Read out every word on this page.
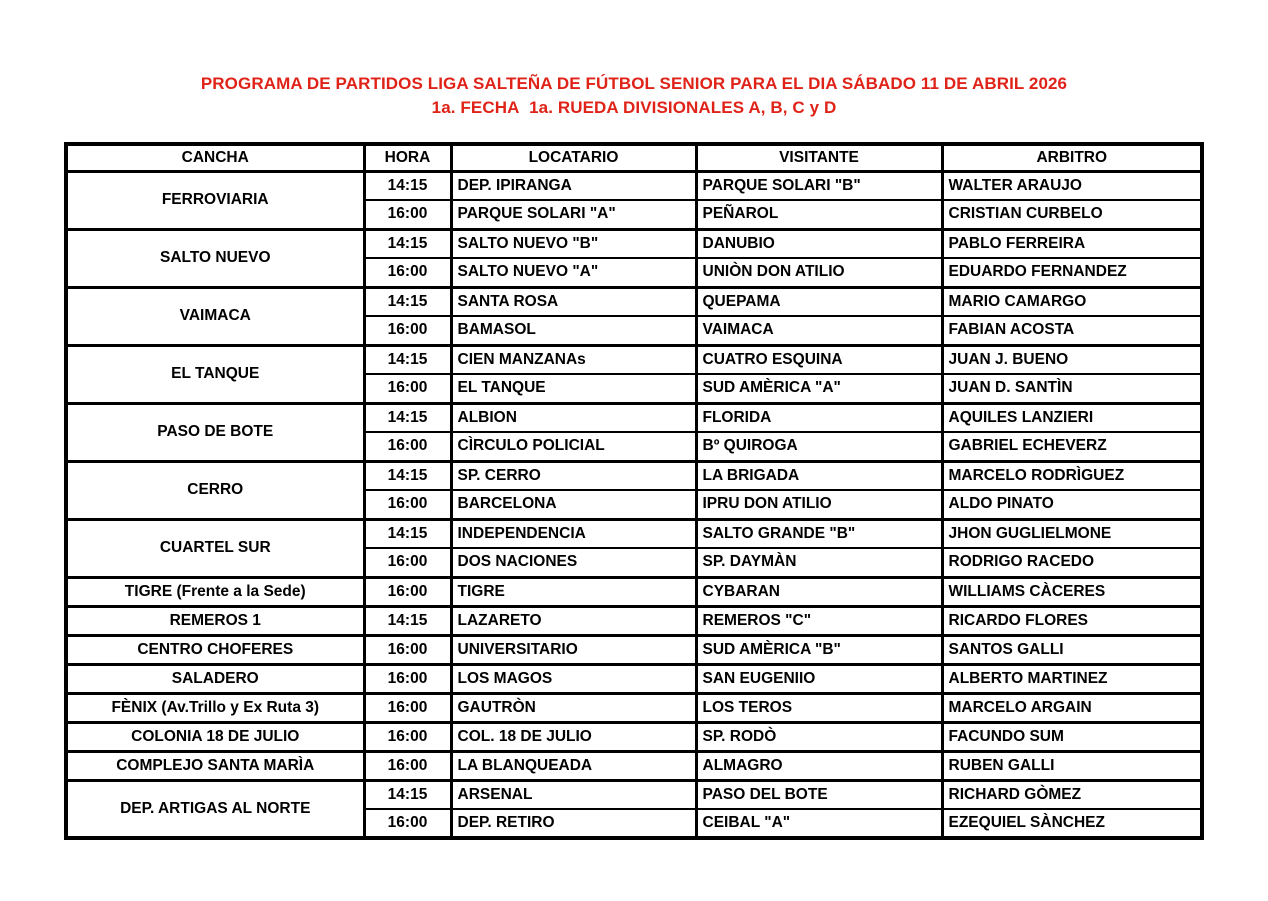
PROGRAMA DE PARTIDOS LIGA SALTEÑA DE FÚTBOL SENIOR PARA EL DIA SÁBADO 11 DE ABRIL 2026
1a. FECHA  1a. RUEDA DIVISIONALES A, B, C y D
CANCHA	HORA	LOCATARIO	VISITANTE	ARBITRO
FERROVIARIA	14:15	DEP. IPIRANGA	PARQUE SOLARI "B"	WALTER ARAUJO
	16:00	PARQUE SOLARI "A"	PEÑAROL	CRISTIAN CURBELO
SALTO NUEVO	14:15	SALTO NUEVO "B"	DANUBIO	PABLO FERREIRA
	16:00	SALTO NUEVO "A"	UNIÒN DON ATILIO	EDUARDO FERNANDEZ
VAIMACA	14:15	SANTA ROSA	QUEPAMA	MARIO CAMARGO
	16:00	BAMASOL	VAIMACA	FABIAN ACOSTA
EL TANQUE	14:15	CIEN MANZANAs	CUATRO ESQUINA	JUAN J. BUENO
	16:00	EL TANQUE	SUD AMÈRICA "A"	JUAN D. SANTÌN
PASO DE BOTE	14:15	ALBION	FLORIDA	AQUILES LANZIERI
	16:00	CÌRCULO POLICIAL	Bº QUIROGA	GABRIEL ECHEVERZ
CERRO	14:15	SP. CERRO	LA BRIGADA	MARCELO RODRÌGUEZ
	16:00	BARCELONA	IPRU DON ATILIO	ALDO PINATO
CUARTEL SUR	14:15	INDEPENDENCIA	SALTO GRANDE "B"	JHON GUGLIELMONE
	16:00	DOS NACIONES	SP. DAYMÀN	RODRIGO RACEDO
TIGRE (Frente a la Sede)	16:00	TIGRE	CYBARAN	WILLIAMS CÀCERES
REMEROS 1	14:15	LAZARETO	REMEROS "C"	RICARDO FLORES
CENTRO CHOFERES	16:00	UNIVERSITARIO	SUD AMÈRICA "B"	SANTOS GALLI
SALADERO	16:00	LOS MAGOS	SAN EUGENIIO	ALBERTO MARTINEZ
FÈNIX (Av.Trillo y Ex Ruta 3)	16:00	GAUTRÒN	LOS TEROS	MARCELO ARGAIN
COLONIA 18 DE JULIO	16:00	COL. 18 DE JULIO	SP. RODÒ	FACUNDO SUM
COMPLEJO SANTA MARÌA	16:00	LA BLANQUEADA	ALMAGRO	RUBEN GALLI
DEP. ARTIGAS AL NORTE	14:15	ARSENAL	PASO DEL BOTE	RICHARD GÒMEZ
	16:00	DEP. RETIRO	CEIBAL "A"	EZEQUIEL SÀNCHEZ
